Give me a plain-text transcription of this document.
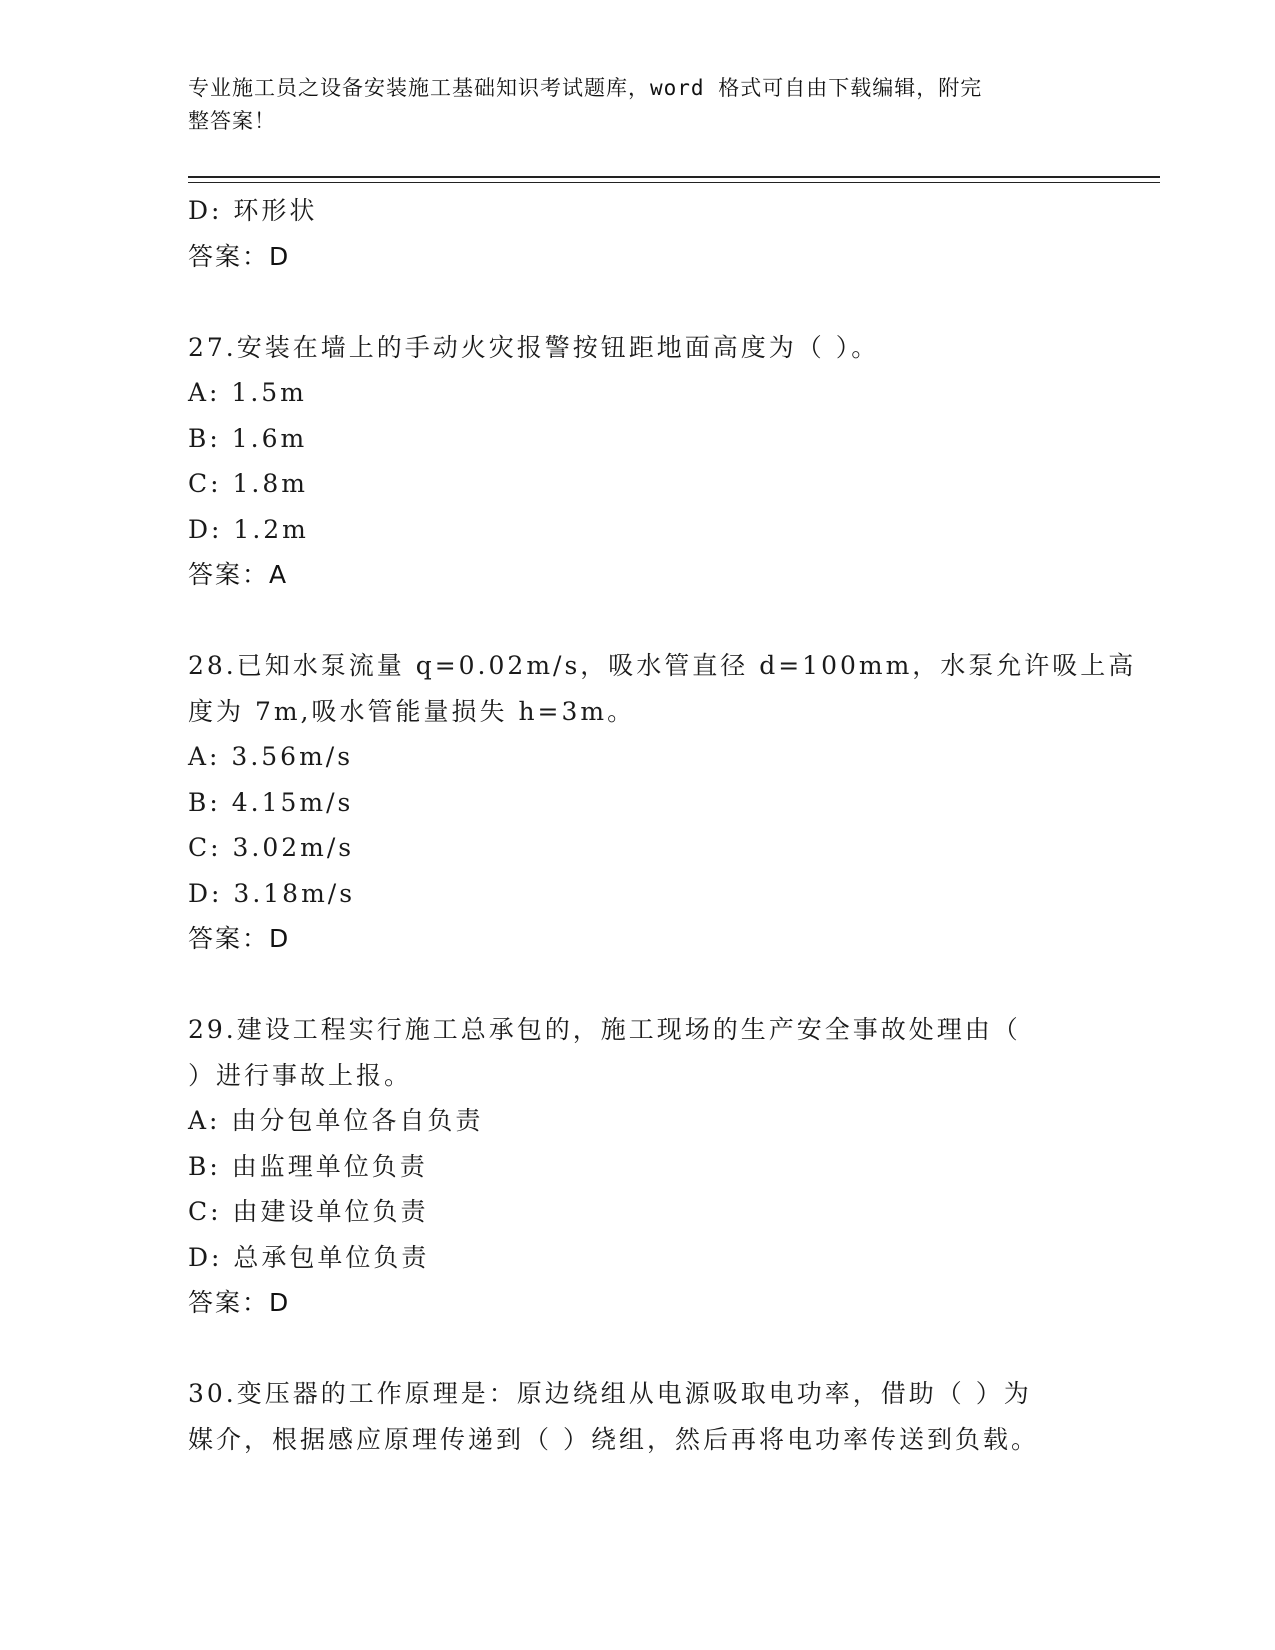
专业施工员之设备安装施工基础知识考试题库，word 格式可自由下载编辑，附完
整答案！
D: 环形状
答案：D
27.安装在墙上的手动火灾报警按钮距地面高度为（ ）。
A: 1.5m
B: 1.6m
C: 1.8m
D: 1.2m
答案：A
28.已知水泵流量 q=0.02m/s，吸水管直径 d=100mm，水泵允许吸上高
度为 7m,吸水管能量损失 h=3m。
A: 3.56m/s
B: 4.15m/s
C: 3.02m/s
D: 3.18m/s
答案：D
29.建设工程实行施工总承包的，施工现场的生产安全事故处理由（
）进行事故上报。
A: 由分包单位各自负责
B: 由监理单位负责
C: 由建设单位负责
D: 总承包单位负责
答案：D
30.变压器的工作原理是：原边绕组从电源吸取电功率，借助（ ）为
媒介，根据感应原理传递到（ ）绕组，然后再将电功率传送到负载。
